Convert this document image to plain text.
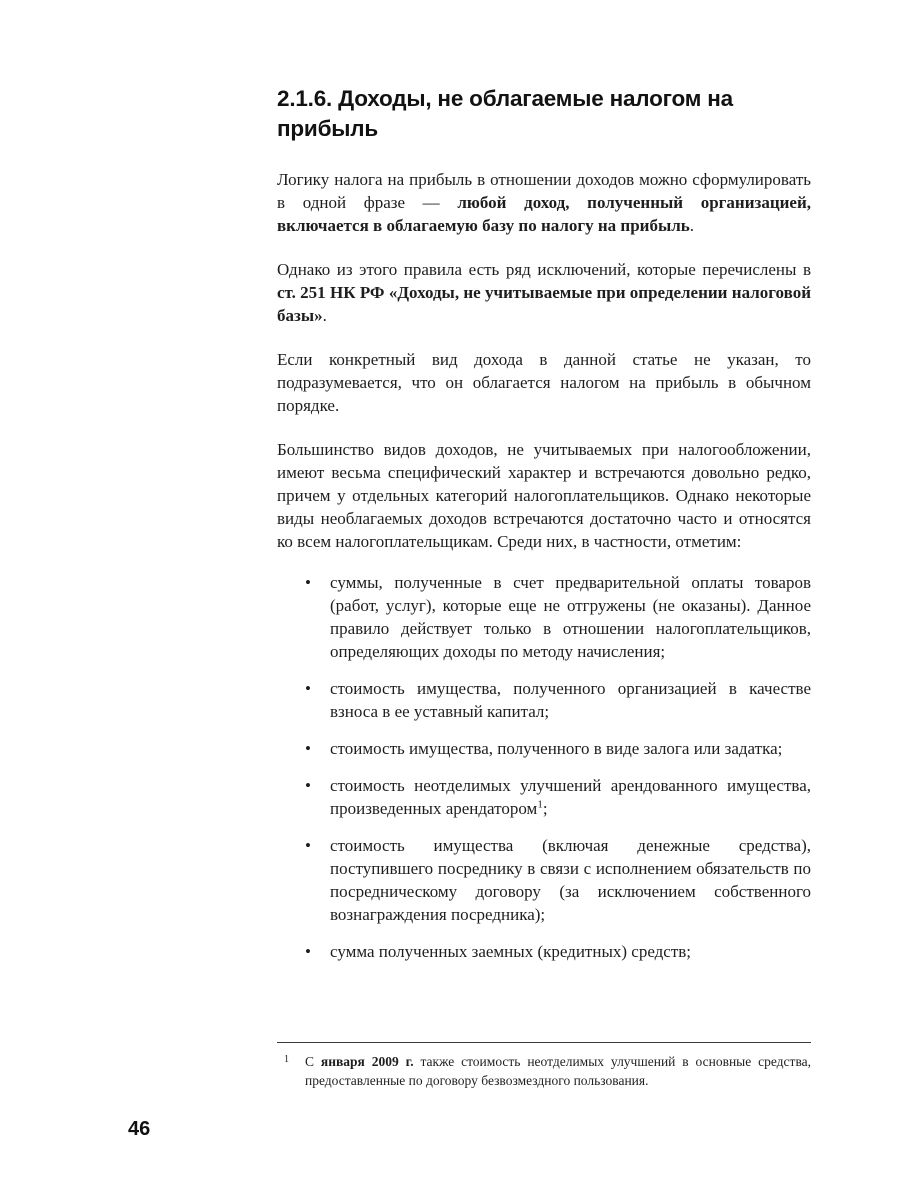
2.1.6. Доходы, не облагаемые налогом на прибыль

Логику налога на прибыль в отношении доходов можно сформулировать в одной фразе — любой доход, полученный организацией, включается в облагаемую базу по налогу на прибыль.

Однако из этого правила есть ряд исключений, которые перечислены в ст. 251 НК РФ «Доходы, не учитываемые при определении налоговой базы».

Если конкретный вид дохода в данной статье не указан, то подразумевается, что он облагается налогом на прибыль в обычном порядке.

Большинство видов доходов, не учитываемых при налогообложении, имеют весьма специфический характер и встречаются довольно редко, причем у отдельных категорий налогоплательщиков. Однако некоторые виды необлагаемых доходов встречаются достаточно часто и относятся ко всем налогоплательщикам. Среди них, в частности, отметим:

• суммы, полученные в счет предварительной оплаты товаров (работ, услуг), которые еще не отгружены (не оказаны). Данное правило действует только в отношении налогоплательщиков, определяющих доходы по методу начисления;
• стоимость имущества, полученного организацией в качестве взноса в ее уставный капитал;
• стоимость имущества, полученного в виде залога или задатка;
• стоимость неотделимых улучшений арендованного имущества, произведенных арендатором$^1$;
• стоимость имущества (включая денежные средства), поступившего посреднику в связи с исполнением обязательств по посредническому договору (за исключением собственного вознаграждения посредника);
• сумма полученных заемных (кредитных) средств;
1 С января 2009 г. также стоимость неотделимых улучшений в основные средства, предоставленные по договору безвозмездного пользования.
46
